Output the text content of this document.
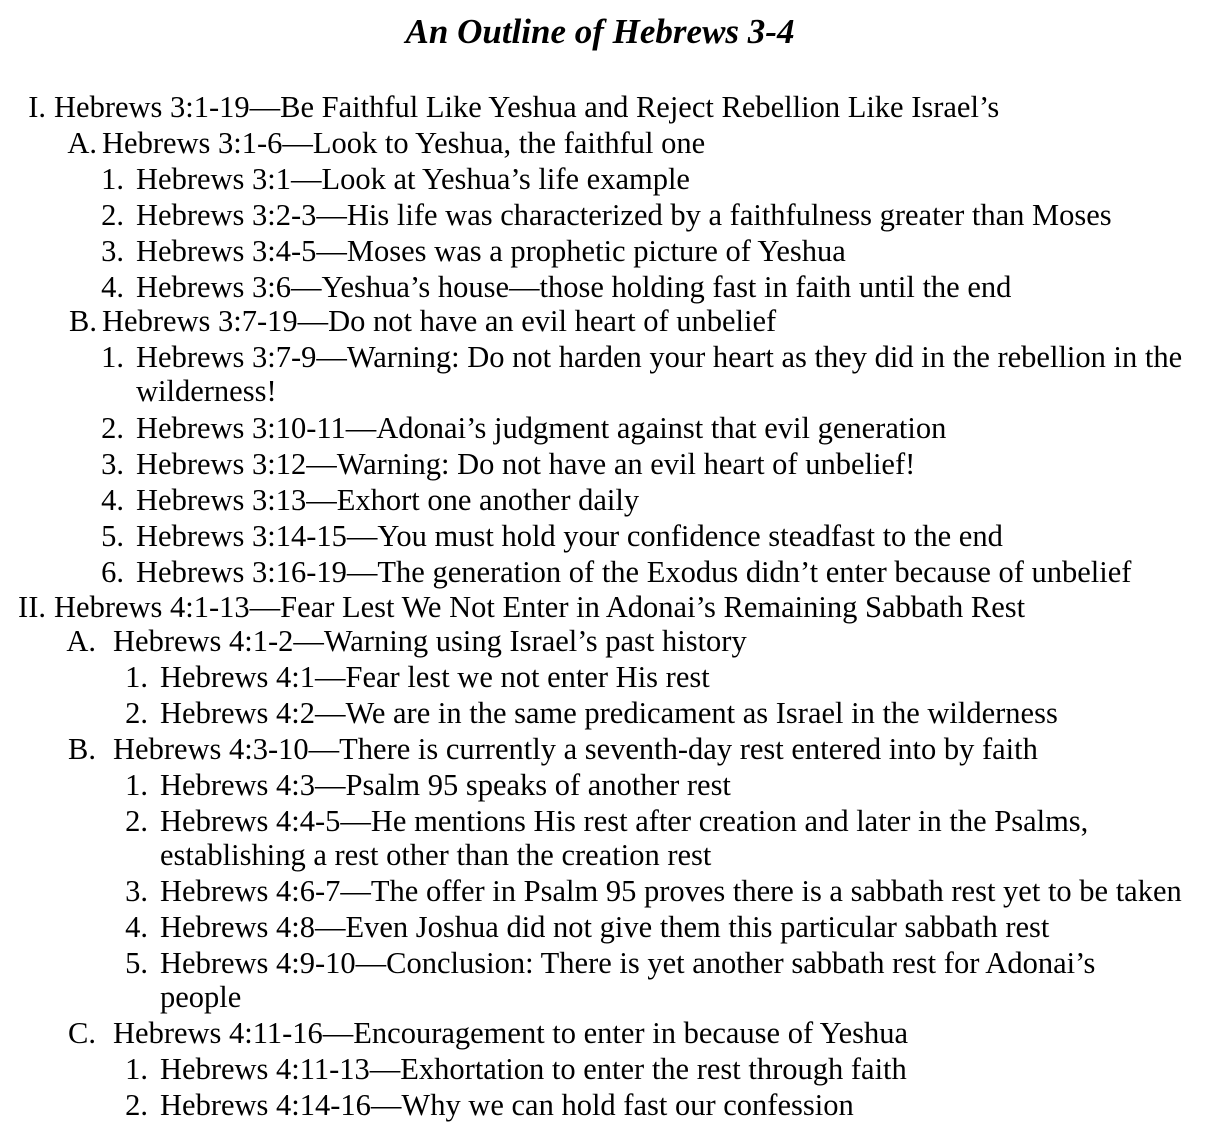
An Outline of Hebrews 3-4
I. Hebrews 3:1-19—Be Faithful Like Yeshua and Reject Rebellion Like Israel’s
A. Hebrews 3:1-6—Look to Yeshua, the faithful one
1. Hebrews 3:1—Look at Yeshua’s life example
2. Hebrews 3:2-3—His life was characterized by a faithfulness greater than Moses
3. Hebrews 3:4-5—Moses was a prophetic picture of Yeshua
4. Hebrews 3:6—Yeshua’s house—those holding fast in faith until the end
B. Hebrews 3:7-19—Do not have an evil heart of unbelief
1. Hebrews 3:7-9—Warning: Do not harden your heart as they did in the rebellion in the wilderness!
2. Hebrews 3:10-11—Adonai’s judgment against that evil generation
3. Hebrews 3:12—Warning: Do not have an evil heart of unbelief!
4. Hebrews 3:13—Exhort one another daily
5. Hebrews 3:14-15—You must hold your confidence steadfast to the end
6. Hebrews 3:16-19—The generation of the Exodus didn’t enter because of unbelief
II. Hebrews 4:1-13—Fear Lest We Not Enter in Adonai’s Remaining Sabbath Rest
A. Hebrews 4:1-2—Warning using Israel’s past history
1. Hebrews 4:1—Fear lest we not enter His rest
2. Hebrews 4:2—We are in the same predicament as Israel in the wilderness
B. Hebrews 4:3-10—There is currently a seventh-day rest entered into by faith
1. Hebrews 4:3—Psalm 95 speaks of another rest
2. Hebrews 4:4-5—He mentions His rest after creation and later in the Psalms, establishing a rest other than the creation rest
3. Hebrews 4:6-7—The offer in Psalm 95 proves there is a sabbath rest yet to be taken
4. Hebrews 4:8—Even Joshua did not give them this particular sabbath rest
5. Hebrews 4:9-10—Conclusion: There is yet another sabbath rest for Adonai’s people
C. Hebrews 4:11-16—Encouragement to enter in because of Yeshua
1. Hebrews 4:11-13—Exhortation to enter the rest through faith
2. Hebrews 4:14-16—Why we can hold fast our confession
